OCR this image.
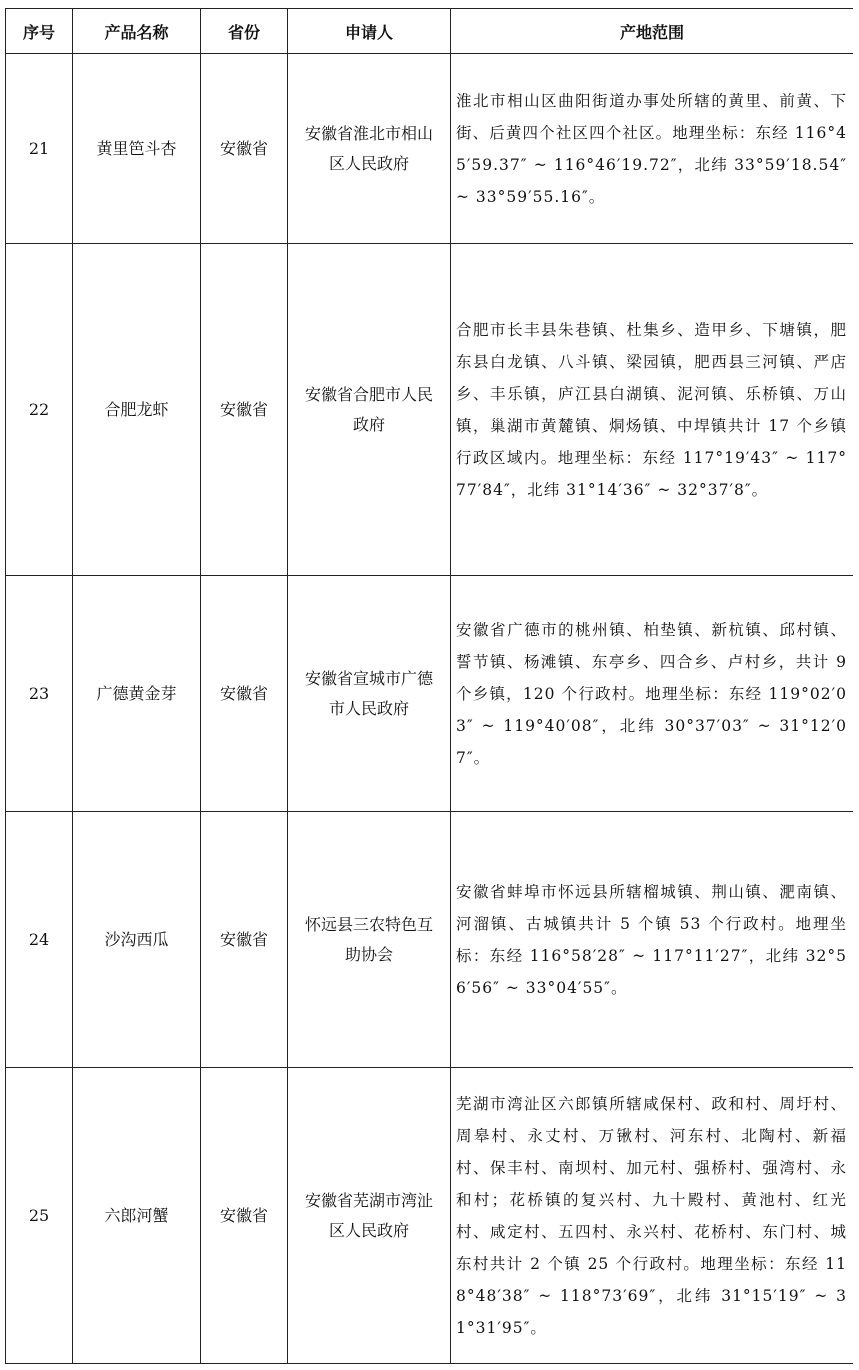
序号	产品名称	省份	申请人	产地范围
21	黄里笆斗杏	安徽省	安徽省淮北市相山区人民政府	淮北市相山区曲阳街道办事处所辖的黄里、前黄、下街、后黄四个社区四个社区。地理坐标：东经 116°45′59.37″ ~ 116°46′19.72″，北纬 33°59′18.54″ ~ 33°59′55.16″。
22	合肥龙虾	安徽省	安徽省合肥市人民政府	合肥市长丰县朱巷镇、杜集乡、造甲乡、下塘镇，肥东县白龙镇、八斗镇、梁园镇，肥西县三河镇、严店乡、丰乐镇，庐江县白湖镇、泥河镇、乐桥镇、万山镇，巢湖市黄麓镇、烔炀镇、中垾镇共计 17 个乡镇行政区域内。地理坐标：东经 117°19′43″ ~ 117°77′84″，北纬 31°14′36″ ~ 32°37′8″。
23	广德黄金芽	安徽省	安徽省宣城市广德市人民政府	安徽省广德市的桃州镇、柏垫镇、新杭镇、邱村镇、誓节镇、杨滩镇、东亭乡、四合乡、卢村乡，共计 9 个乡镇，120 个行政村。地理坐标：东经 119°02′03″ ~ 119°40′08″，北纬 30°37′03″ ~ 31°12′07″。
24	沙沟西瓜	安徽省	怀远县三农特色互助协会	安徽省蚌埠市怀远县所辖榴城镇、荆山镇、淝南镇、河溜镇、古城镇共计 5 个镇 53 个行政村。地理坐标：东经 116°58′28″ ~ 117°11′27″，北纬 32°56′56″ ~ 33°04′55″。
25	六郎河蟹	安徽省	安徽省芜湖市湾沚区人民政府	芜湖市湾沚区六郎镇所辖咸保村、政和村、周圩村、周皋村、永丈村、万锹村、河东村、北陶村、新福村、保丰村、南坝村、加元村、强桥村、强湾村、永和村；花桥镇的复兴村、九十殿村、黄池村、红光村、咸定村、五四村、永兴村、花桥村、东门村、城东村共计 2 个镇 25 个行政村。地理坐标：东经 118°48′38″ ~ 118°73′69″，北纬 31°15′19″ ~ 31°31′95″。
